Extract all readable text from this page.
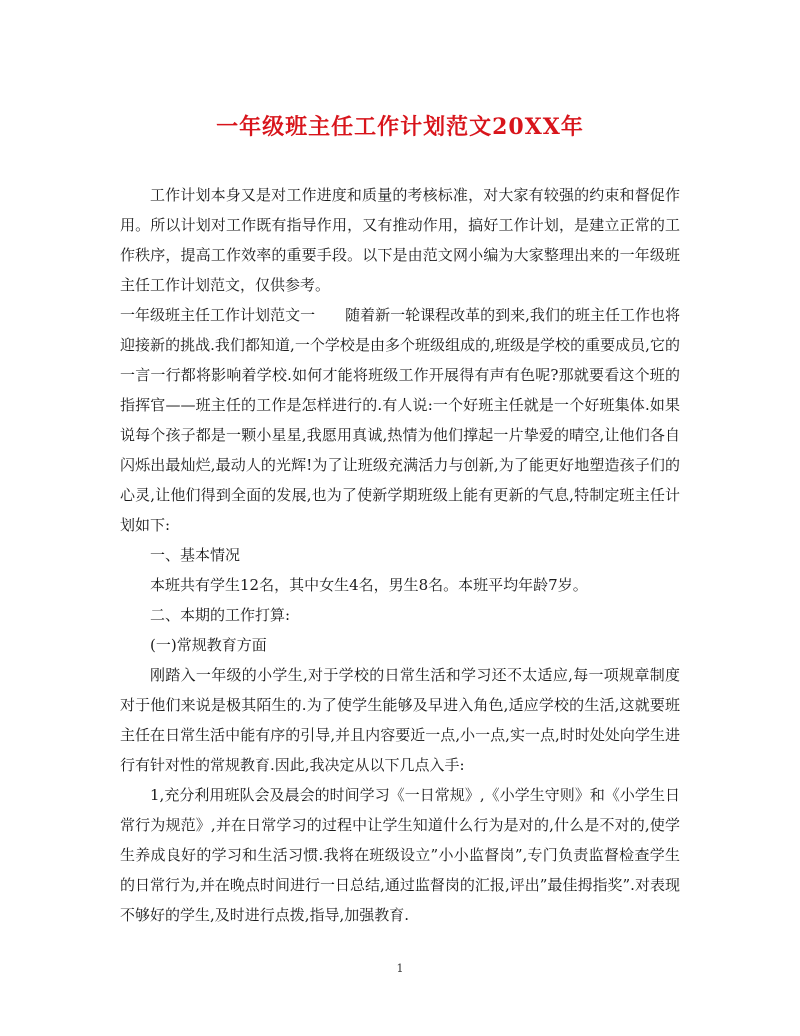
一年级班主任工作计划范文20XX年

工作计划本身又是对工作进度和质量的考核标准，对大家有较强的约束和督促作用。所以计划对工作既有指导作用，又有推动作用，搞好工作计划，是建立正常的工作秩序，提高工作效率的重要手段。以下是由范文网小编为大家整理出来的一年级班主任工作计划范文，仅供参考。

一年级班主任工作计划范文一　　随着新一轮课程改革的到来,我们的班主任工作也将迎接新的挑战.我们都知道,一个学校是由多个班级组成的,班级是学校的重要成员,它的一言一行都将影响着学校.如何才能将班级工作开展得有声有色呢?那就要看这个班的指挥官——班主任的工作是怎样进行的.有人说:一个好班主任就是一个好班集体.如果说每个孩子都是一颗小星星,我愿用真诚,热情为他们撑起一片挚爱的晴空,让他们各自闪烁出最灿烂,最动人的光辉!为了让班级充满活力与创新,为了能更好地塑造孩子们的心灵,让他们得到全面的发展,也为了使新学期班级上能有更新的气息,特制定班主任计划如下:

一、基本情况

本班共有学生12名，其中女生4名，男生8名。本班平均年龄7岁。

二、本期的工作打算:

(一)常规教育方面

刚踏入一年级的小学生,对于学校的日常生活和学习还不太适应,每一项规章制度对于他们来说是极其陌生的.为了使学生能够及早进入角色,适应学校的生活,这就要班主任在日常生活中能有序的引导,并且内容要近一点,小一点,实一点,时时处处向学生进行有针对性的常规教育.因此,我决定从以下几点入手:

1,充分利用班队会及晨会的时间学习《一日常规》,《小学生守则》和《小学生日常行为规范》,并在日常学习的过程中让学生知道什么行为是对的,什么是不对的,使学生养成良好的学习和生活习惯.我将在班级设立”小小监督岗”,专门负责监督检查学生的日常行为,并在晚点时间进行一日总结,通过监督岗的汇报,评出”最佳拇指奖”.对表现不够好的学生,及时进行点拨,指导,加强教育.

1
